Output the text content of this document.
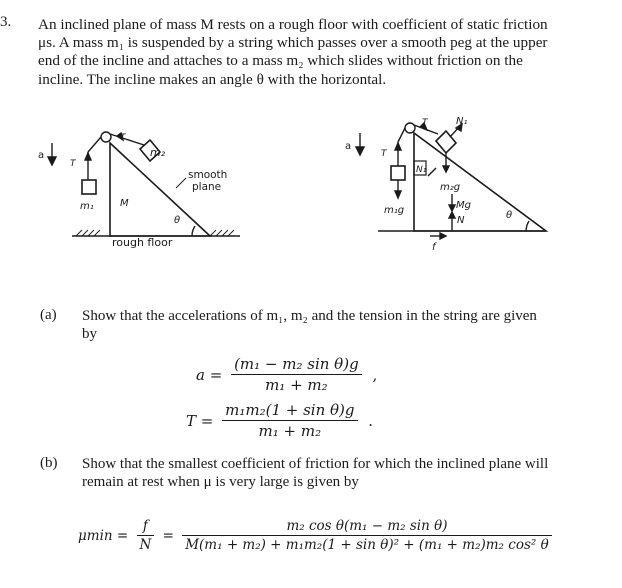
3. An inclined plane of mass M rests on a rough floor with coefficient of static friction
μs. A mass m₁ is suspended by a string which passes over a smooth peg at the upper
end of the incline and attaches to a mass m₂ which slides without friction on the
incline. The incline makes an angle θ with the horizontal.
a
T
T
m₂
m₁	M
θ
smooth
plane
rough floor
a
T
T	N₁
N₁
m₂g
Mg
N
m₁g
f
θ
(a) Show that the accelerations of m₁, m₂ and the tension in the string are given
by
$a = \frac{\text{(m₁ − m₂ sin θ)g}}{\text{m₁ + m₂}}$ ,
$T = \frac{\text{m₁m₂(1 + sin θ)g}}{\text{m₁ + m₂}}$ .
(b) Show that the smallest coefficient of friction for which the inclined plane will
remain at rest when μ is very large is given by
$\mu\min = \frac{f}{N} = \frac{\text{m₂ cos θ(m₁ − m₂ sin θ)}}{\text{M(m₁ + m₂) + m₁m₂(1 + sin θ)² + (m₁ + m₂)m₂ cos² θ}}$
